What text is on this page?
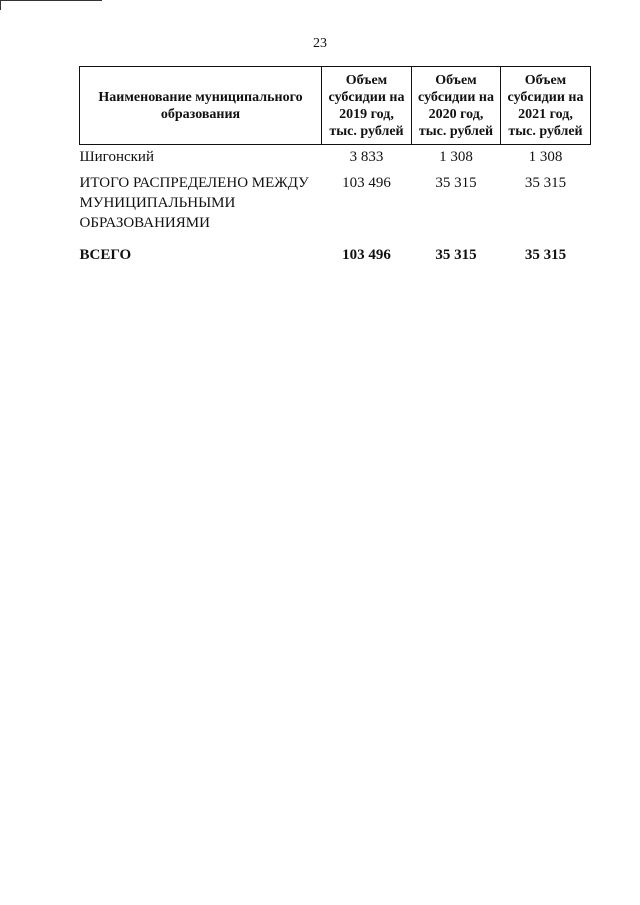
23
Наименование муниципального образования	Объем субсидии на 2019 год, тыс. рублей	Объем субсидии на 2020 год, тыс. рублей	Объем субсидии на 2021 год, тыс. рублей
Шигонский	3 833	1 308	1 308
ИТОГО РАСПРЕДЕЛЕНО МЕЖДУ МУНИЦИПАЛЬНЫМИ ОБРАЗОВАНИЯМИ	103 496	35 315	35 315
ВСЕГО	103 496	35 315	35 315
